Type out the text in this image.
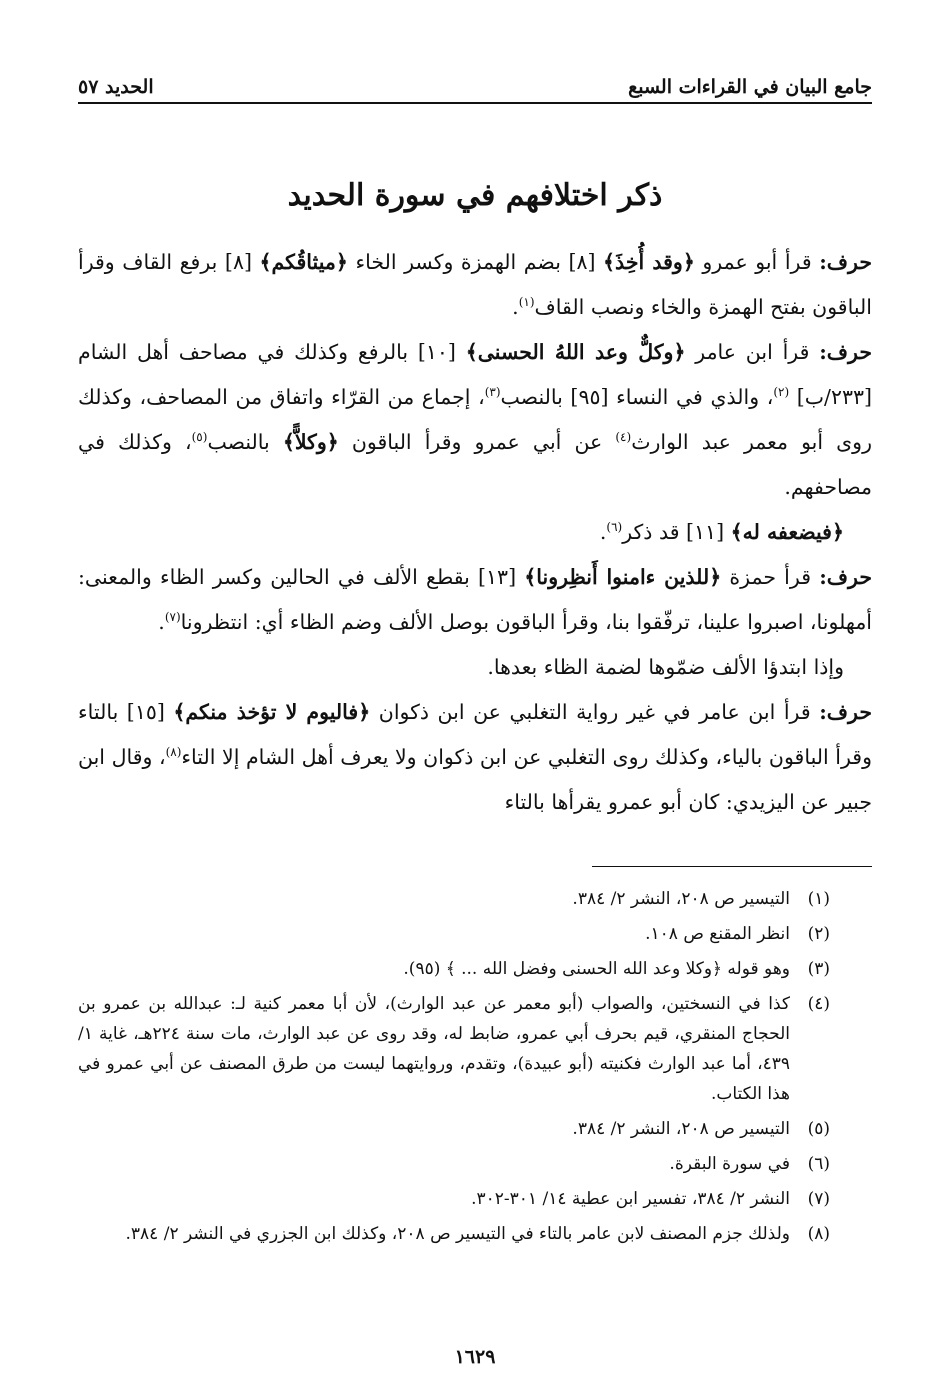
جامع البيان في القراءات السبع
الحديد ٥٧
ذكر اختلافهم في سورة الحديد

حرف: قرأ أبو عمرو ﴿وقد أُخِذَ﴾ [٨] بضم الهمزة وكسر الخاء ﴿ميثاقُكم﴾ [٨] برفع القاف وقرأ الباقون بفتح الهمزة والخاء ونصب القاف$^{(١)}$.

حرف: قرأ ابن عامر ﴿وكلٌّ وعد اللهُ الحسنى﴾ [١٠] بالرفع وكذلك في مصاحف أهل الشام [٢٣٣/ب] $^{(٢)}$، والذي في النساء [٩٥] بالنصب$^{(٣)}$، إجماع من القرّاء واتفاق من المصاحف، وكذلك روى أبو معمر عبد الوارث$^{(٤)}$ عن أبي عمرو وقرأ الباقون ﴿وكلاًّ﴾ بالنصب$^{(٥)}$، وكذلك في مصاحفهم.

﴿فيضعفه له﴾ [١١] قد ذكر$^{(٦)}$.

حرف: قرأ حمزة ﴿للذين ءامنوا أَنظِرونا﴾ [١٣] بقطع الألف في الحالين وكسر الظاء والمعنى: أمهلونا، اصبروا علينا، ترفّقوا بنا، وقرأ الباقون بوصل الألف وضم الظاء أي: انتظرونا$^{(٧)}$.

وإذا ابتدؤا الألف ضمّوها لضمة الظاء بعدها.

حرف: قرأ ابن عامر في غير رواية التغلبي عن ابن ذكوان ﴿فاليوم لا تؤخذ منكم﴾ [١٥] بالتاء وقرأ الباقون بالياء، وكذلك روى التغلبي عن ابن ذكوان ولا يعرف أهل الشام إلا التاء$^{(٨)}$، وقال ابن جبير عن اليزيدي: كان أبو عمرو يقرأها بالتاء

(١)
التيسير ص ٢٠٨، النشر ٢/ ٣٨٤.
(٢)
انظر المقنع ص ١٠٨.
(٣)
وهو قوله ﴿وكلا وعد الله الحسنى وفضل الله ... ﴾ (٩٥).
(٤)
كذا في النسختين، والصواب (أبو معمر عن عبد الوارث)، لأن أبا معمر كنية لـ: عبدالله بن عمرو بن الحجاج المنقري، قيم بحرف أبي عمرو، ضابط له، وقد روى عن عبد الوارث، مات سنة ٢٢٤هـ، غاية ١/ ٤٣٩، أما عبد الوارث فكنيته (أبو عبيدة)، وتقدم، وروايتهما ليست من طرق المصنف عن أبي عمرو في هذا الكتاب.
(٥)
التيسير ص ٢٠٨، النشر ٢/ ٣٨٤.
(٦)
في سورة البقرة.
(٧)
النشر ٢/ ٣٨٤، تفسير ابن عطية ١٤/ ٣٠١-٣٠٢.
(٨)
ولذلك جزم المصنف لابن عامر بالتاء في التيسير ص ٢٠٨، وكذلك ابن الجزري في النشر ٢/ ٣٨٤.
١٦٢٩
